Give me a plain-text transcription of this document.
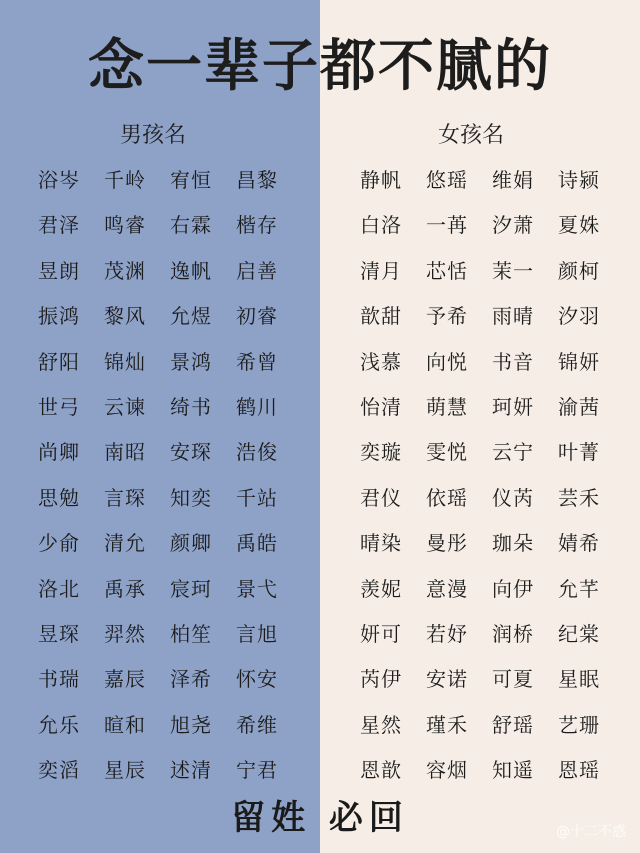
念一辈子都不腻的
男孩名	女孩名
浴岑	千岭	宥恒	昌黎
君泽	鸣睿	右霖	楷存
昱朗	茂渊	逸帆	启善
振鸿	黎风	允煜	初睿
舒阳	锦灿	景鸿	希曾
世弓	云谏	绮书	鹤川
尚卿	南昭	安琛	浩俊
思勉	言琛	知奕	千站
少俞	清允	颜卿	禹皓
洛北	禹承	宸珂	景弋
昱琛	羿然	柏笙	言旭
书瑞	嘉辰	泽希	怀安
允乐	暄和	旭尧	希维
奕滔	星辰	述清	宁君
静帆	悠瑶	维娟	诗颍
白洛	一苒	汐萧	夏姝
清月	芯恬	茉一	颜柯
歆甜	予希	雨晴	汐羽
浅慕	向悦	书音	锦妍
怡清	萌慧	珂妍	渝茜
奕璇	雯悦	云宁	叶菁
君仪	依瑶	仪芮	芸禾
晴染	曼彤	珈朵	婧希
羡妮	意漫	向伊	允芊
妍可	若妤	润桥	纪棠
芮伊	安诺	可夏	星眠
星然	瑾禾	舒瑶	艺珊
恩歆	容烟	知遥	恩瑶
留姓 必回	@十二不惑
